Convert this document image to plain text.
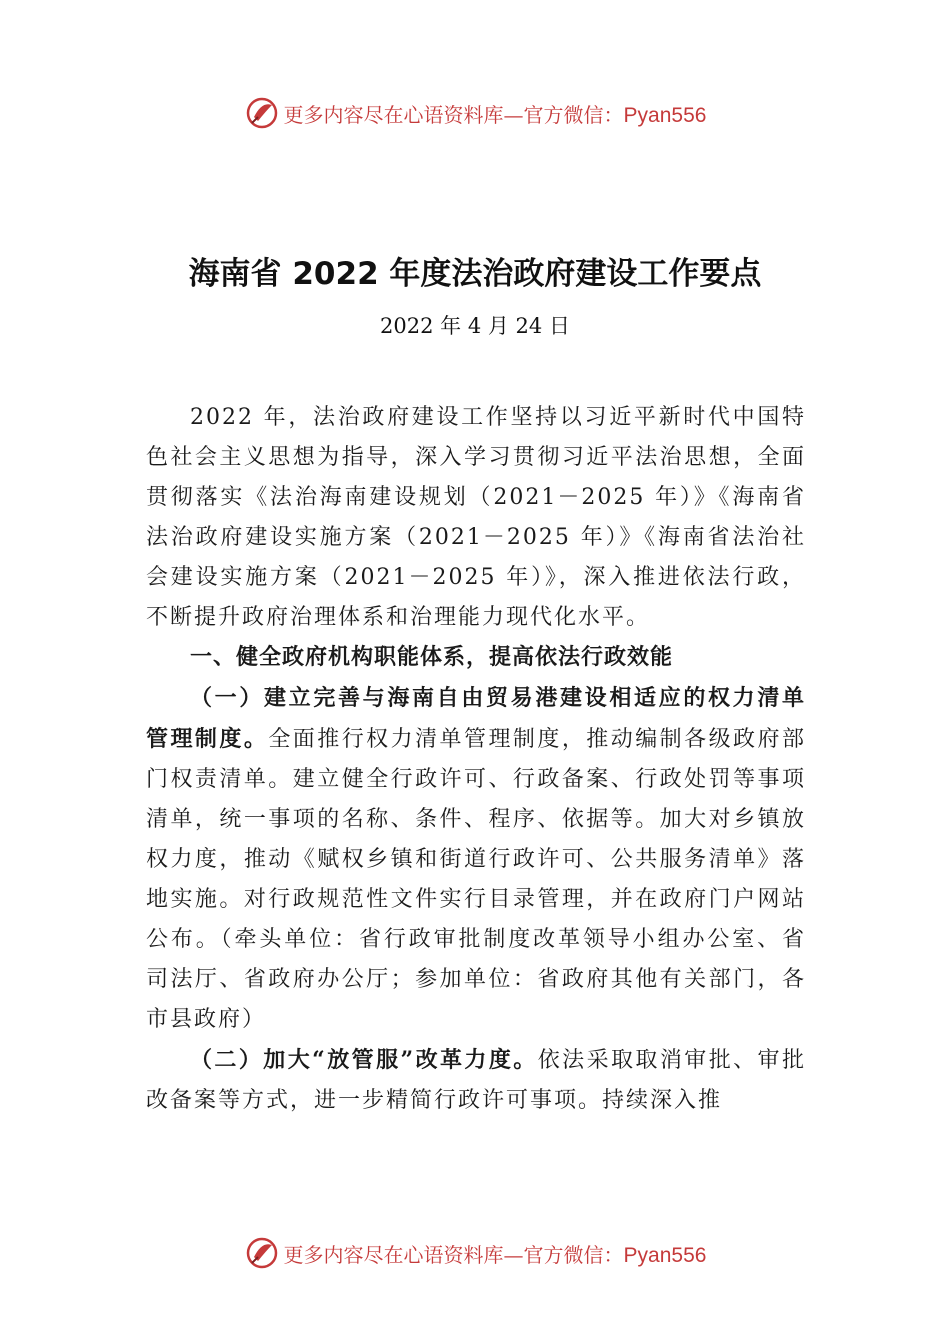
更多内容尽在心语资料库—官方微信：Pyan556
海南省 2022 年度法治政府建设工作要点
2022 年 4 月 24 日

2022 年，法治政府建设工作坚持以习近平新时代中国特色社会主义思想为指导，深入学习贯彻习近平法治思想，全面贯彻落实《法治海南建设规划（2021－2025 年）》《海南省法治政府建设实施方案（2021－2025 年）》《海南省法治社会建设实施方案（2021－2025 年）》，深入推进依法行政，不断提升政府治理体系和治理能力现代化水平。

一、健全政府机构职能体系，提高依法行政效能

（一）建立完善与海南自由贸易港建设相适应的权力清单管理制度。全面推行权力清单管理制度，推动编制各级政府部门权责清单。建立健全行政许可、行政备案、行政处罚等事项清单，统一事项的名称、条件、程序、依据等。加大对乡镇放权力度，推动《赋权乡镇和街道行政许可、公共服务清单》落地实施。对行政规范性文件实行目录管理，并在政府门户网站公布。（牵头单位：省行政审批制度改革领导小组办公室、省司法厅、省政府办公厅；参加单位：省政府其他有关部门，各市县政府）

（二）加大“放管服”改革力度。依法采取取消审批、审批改备案等方式，进一步精简行政许可事项。持续深入推

更多内容尽在心语资料库—官方微信：Pyan556
